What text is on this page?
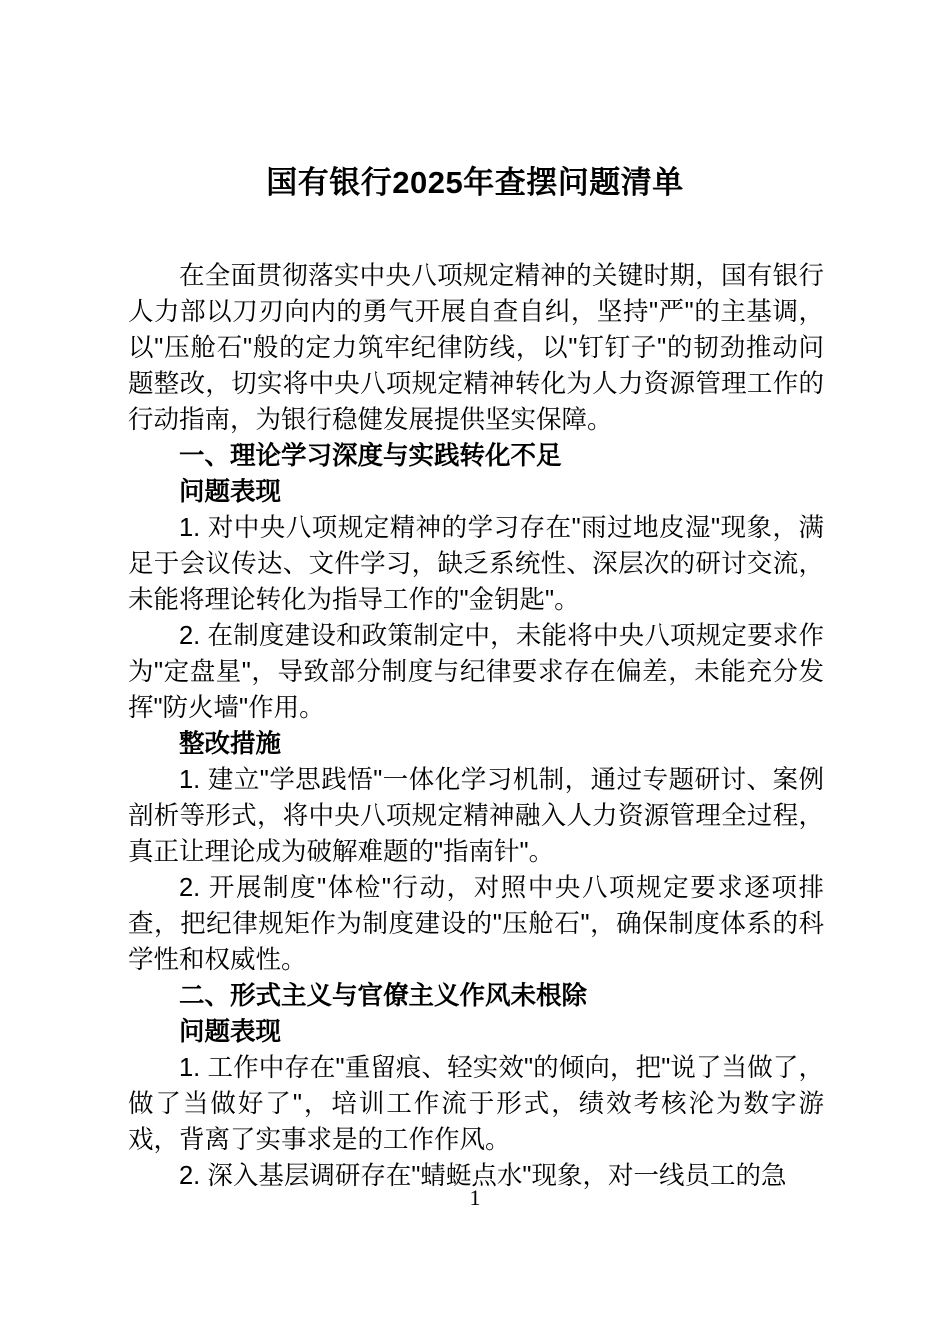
国有银行2025年查摆问题清单

在全面贯彻落实中央八项规定精神的关键时期，国有银行人力部以刀刃向内的勇气开展自查自纠，坚持"严"的主基调，以"压舱石"般的定力筑牢纪律防线，以"钉钉子"的韧劲推动问题整改，切实将中央八项规定精神转化为人力资源管理工作的行动指南，为银行稳健发展提供坚实保障。

一、理论学习深度与实践转化不足

问题表现

1. 对中央八项规定精神的学习存在"雨过地皮湿"现象，满足于会议传达、文件学习，缺乏系统性、深层次的研讨交流，未能将理论转化为指导工作的"金钥匙"。

2. 在制度建设和政策制定中，未能将中央八项规定要求作为"定盘星"，导致部分制度与纪律要求存在偏差，未能充分发挥"防火墙"作用。

整改措施

1. 建立"学思践悟"一体化学习机制，通过专题研讨、案例剖析等形式，将中央八项规定精神融入人力资源管理全过程，真正让理论成为破解难题的"指南针"。

2. 开展制度"体检"行动，对照中央八项规定要求逐项排查，把纪律规矩作为制度建设的"压舱石"，确保制度体系的科学性和权威性。

二、形式主义与官僚主义作风未根除

问题表现

1. 工作中存在"重留痕、轻实效"的倾向，把"说了当做了，做了当做好了"，培训工作流于形式，绩效考核沦为数字游戏，背离了实事求是的工作作风。

2. 深入基层调研存在"蜻蜓点水"现象，对一线员工的急

1
